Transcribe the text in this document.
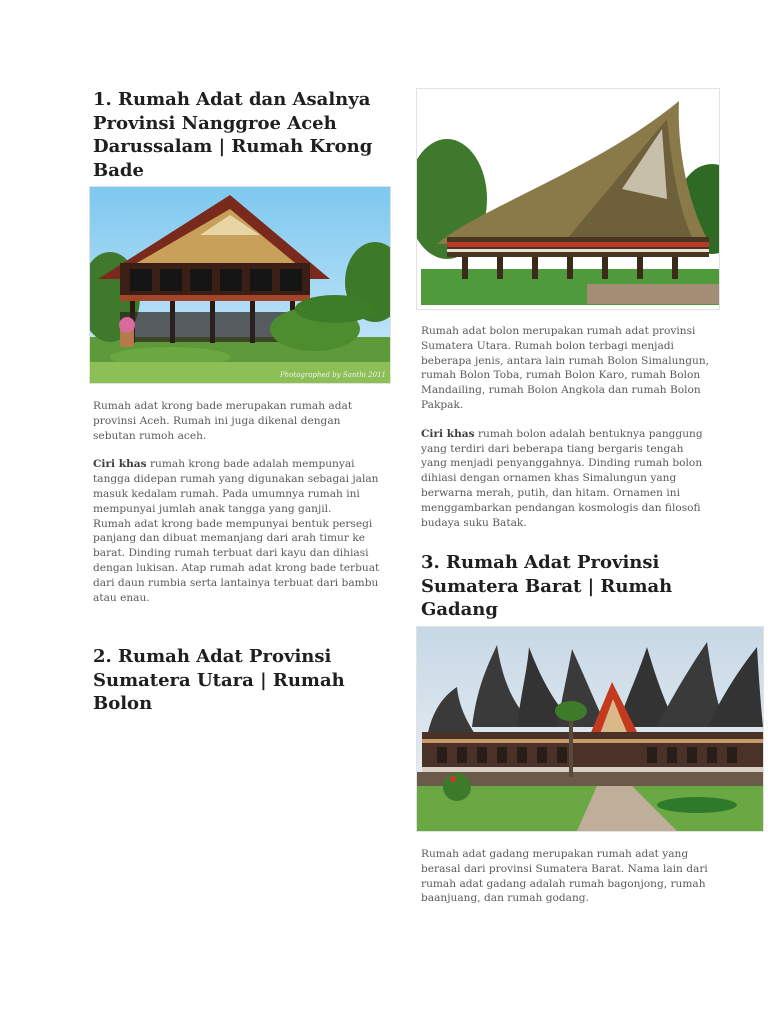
1. Rumah Adat dan Asalnya Provinsi Nanggroe Aceh Darussalam | Rumah Krong Bade
Photographed by Santhi 2011

Rumah adat krong bade merupakan rumah adat provinsi Aceh. Rumah ini juga dikenal dengan sebutan rumoh aceh.

Ciri khas rumah krong bade adalah mempunyai tangga didepan rumah yang digunakan sebagai jalan masuk kedalam rumah. Pada umumnya rumah ini mempunyai jumlah anak tangga yang ganjil.

Rumah adat krong bade mempunyai bentuk persegi panjang dan dibuat memanjang dari arah timur ke barat. Dinding rumah terbuat dari kayu dan dihiasi dengan lukisan. Atap rumah adat krong bade terbuat dari daun rumbia serta lantainya terbuat dari bambu atau enau.

2. Rumah Adat Provinsi Sumatera Utara | Rumah Bolon

Rumah adat bolon merupakan rumah adat provinsi Sumatera Utara. Rumah bolon terbagi menjadi beberapa jenis, antara lain rumah Bolon Simalungun, rumah Bolon Toba, rumah Bolon Karo, rumah Bolon Mandailing, rumah Bolon Angkola dan rumah Bolon Pakpak.

Ciri khas rumah bolon adalah bentuknya panggung yang terdiri dari beberapa tiang bergaris tengah yang menjadi penyanggahnya. Dinding rumah bolon dihiasi dengan ornamen khas Simalungun yang berwarna merah, putih, dan hitam. Ornamen ini menggambarkan pendangan kosmologis dan filosofi budaya suku Batak.

3. Rumah Adat Provinsi Sumatera Barat | Rumah Gadang

Rumah adat gadang merupakan rumah adat yang berasal dari provinsi Sumatera Barat. Nama lain dari rumah adat gadang adalah rumah bagonjong, rumah baanjuang, dan rumah godang.
